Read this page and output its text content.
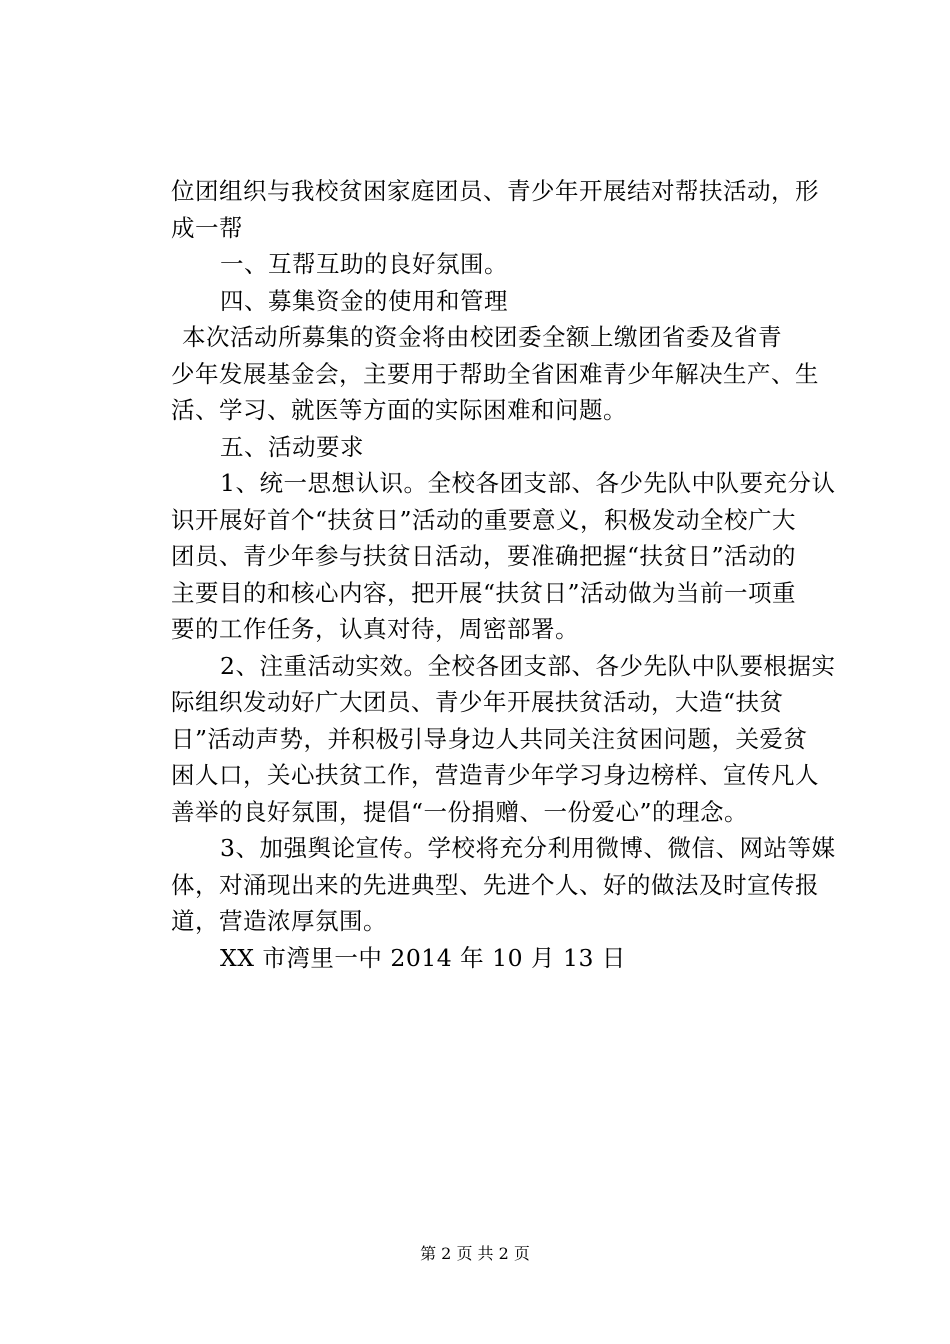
位团组织与我校贫困家庭团员、青少年开展结对帮扶活动，形
成一帮
一、互帮互助的良好氛围。
四、募集资金的使用和管理
本次活动所募集的资金将由校团委全额上缴团省委及省青
少年发展基金会，主要用于帮助全省困难青少年解决生产、生
活、学习、就医等方面的实际困难和问题。
五、活动要求
1、统一思想认识。全校各团支部、各少先队中队要充分认
识开展好首个“扶贫日”活动的重要意义，积极发动全校广大
团员、青少年参与扶贫日活动，要准确把握“扶贫日”活动的
主要目的和核心内容，把开展“扶贫日”活动做为当前一项重
要的工作任务，认真对待，周密部署。
2、注重活动实效。全校各团支部、各少先队中队要根据实
际组织发动好广大团员、青少年开展扶贫活动，大造“扶贫
日”活动声势，并积极引导身边人共同关注贫困问题，关爱贫
困人口，关心扶贫工作，营造青少年学习身边榜样、宣传凡人
善举的良好氛围，提倡“一份捐赠、一份爱心”的理念。
3、加强舆论宣传。学校将充分利用微博、微信、网站等媒
体，对涌现出来的先进典型、先进个人、好的做法及时宣传报
道，营造浓厚氛围。
XX 市湾里一中 2014 年 10 月 13 日
第 2 页 共 2 页
